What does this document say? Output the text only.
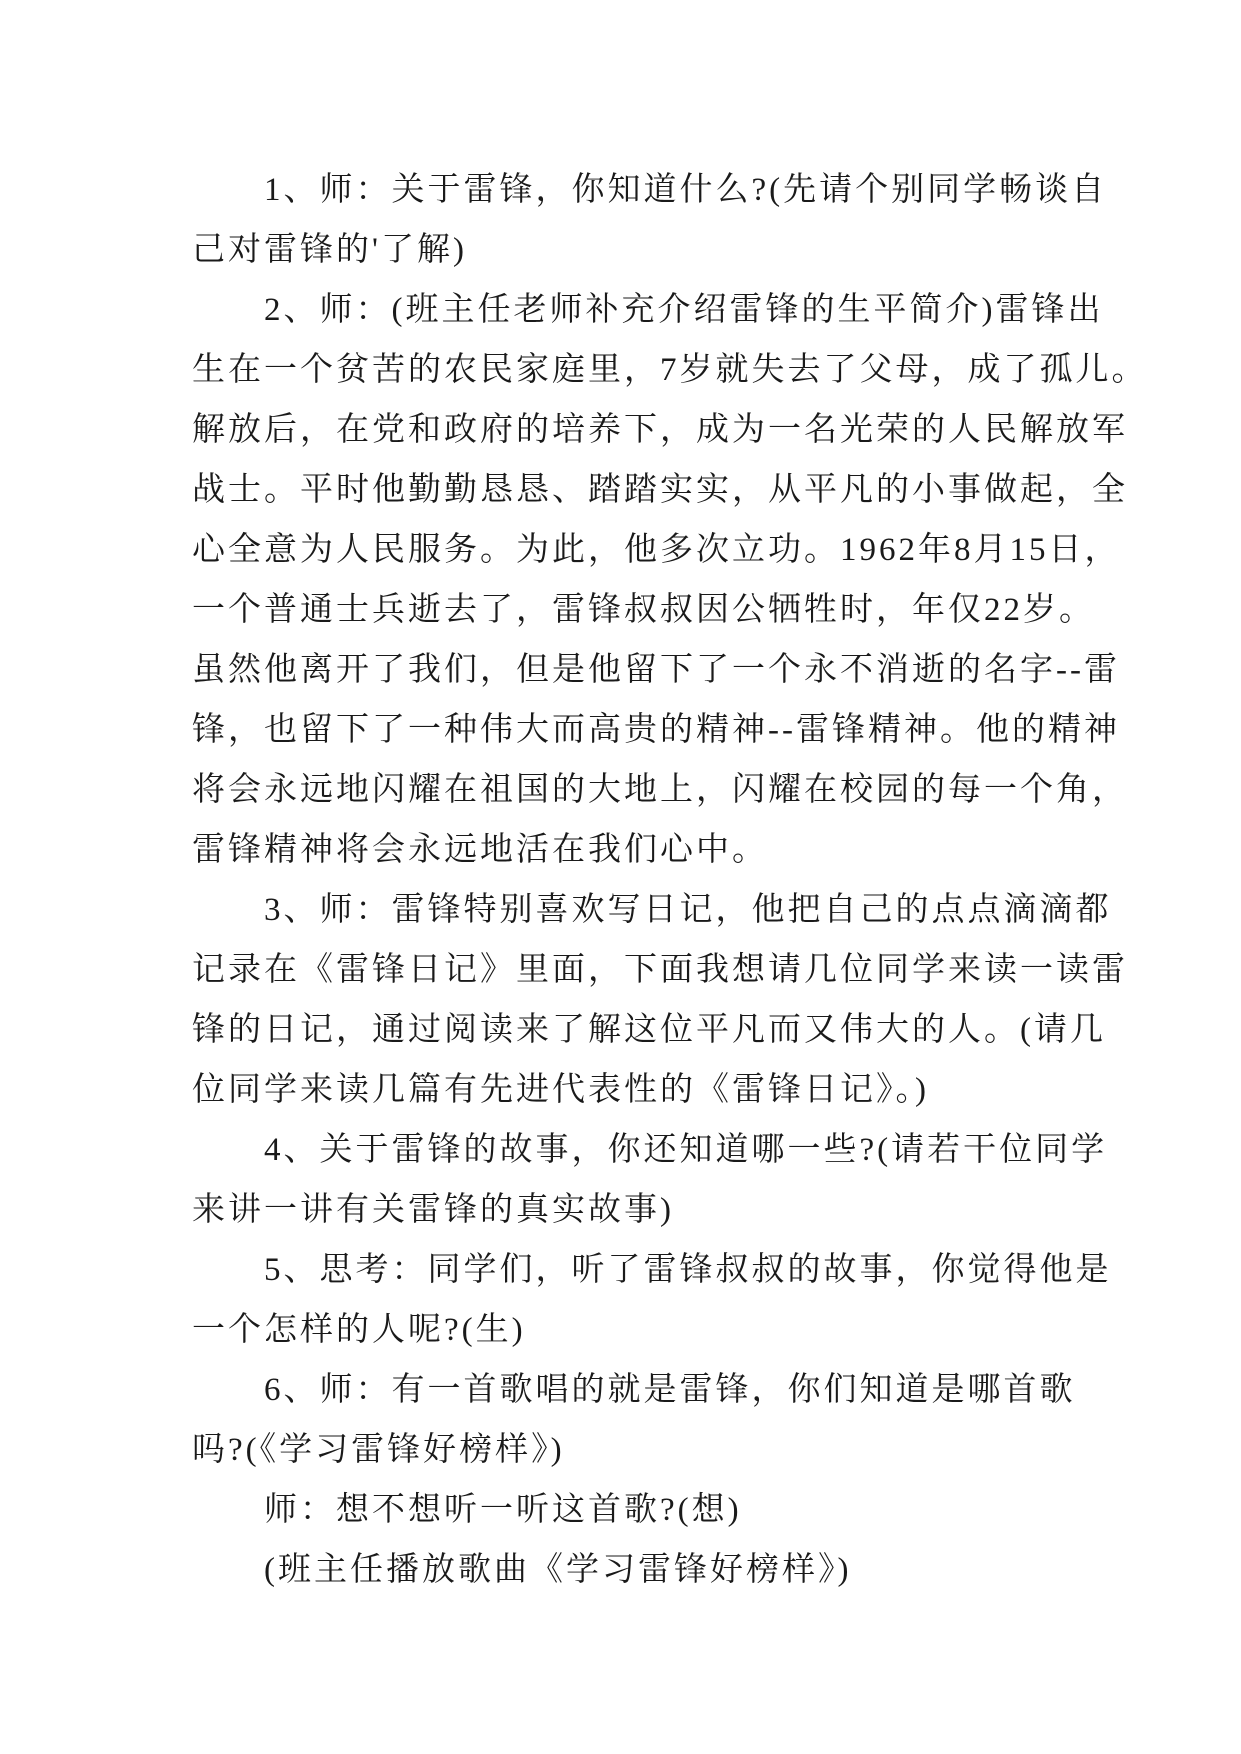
　　1、师：关于雷锋，你知道什么?(先请个别同学畅谈自
己对雷锋的'了解)
　　2、师：(班主任老师补充介绍雷锋的生平简介)雷锋出
生在一个贫苦的农民家庭里，7岁就失去了父母，成了孤儿。
解放后，在党和政府的培养下，成为一名光荣的人民解放军
战士。平时他勤勤恳恳、踏踏实实，从平凡的小事做起，全
心全意为人民服务。为此，他多次立功。1962年8月15日，
一个普通士兵逝去了，雷锋叔叔因公牺牲时，年仅22岁。
虽然他离开了我们，但是他留下了一个永不消逝的名字--雷
锋，也留下了一种伟大而高贵的精神--雷锋精神。他的精神
将会永远地闪耀在祖国的大地上，闪耀在校园的每一个角，
雷锋精神将会永远地活在我们心中。
　　3、师：雷锋特别喜欢写日记，他把自己的点点滴滴都
记录在《雷锋日记》里面，下面我想请几位同学来读一读雷
锋的日记，通过阅读来了解这位平凡而又伟大的人。(请几
位同学来读几篇有先进代表性的《雷锋日记》。)
　　4、关于雷锋的故事，你还知道哪一些?(请若干位同学
来讲一讲有关雷锋的真实故事)
　　5、思考：同学们，听了雷锋叔叔的故事，你觉得他是
一个怎样的人呢?(生)
　　6、师：有一首歌唱的就是雷锋，你们知道是哪首歌
吗?(《学习雷锋好榜样》)
　　师：想不想听一听这首歌?(想)
　　(班主任播放歌曲《学习雷锋好榜样》)
